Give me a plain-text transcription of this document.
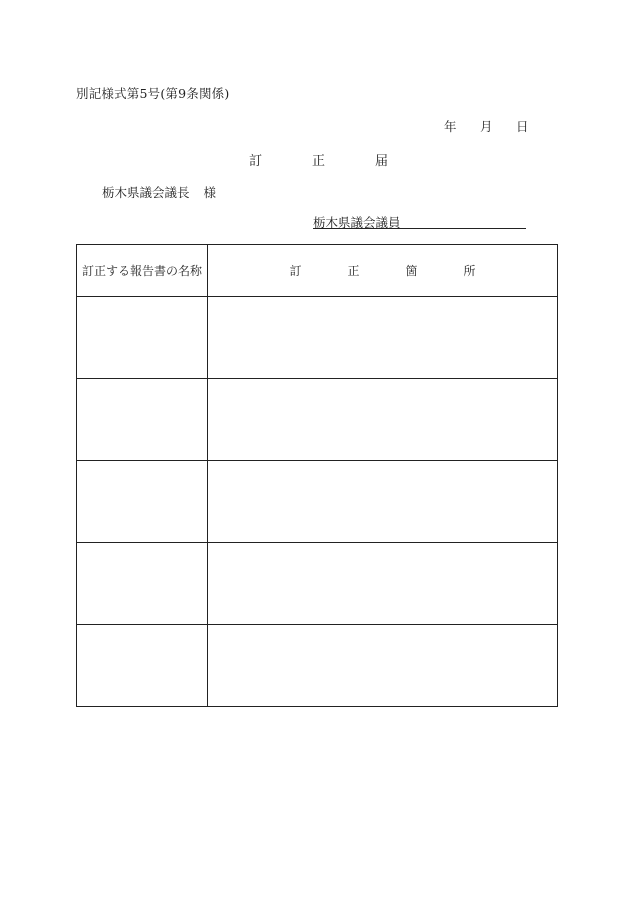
別記様式第5号(第9条関係)
年	月	日
訂	正	届
栃木県議会議長 様
栃木県議会議員
訂正する報告書の名称	訂 正 箇 所
